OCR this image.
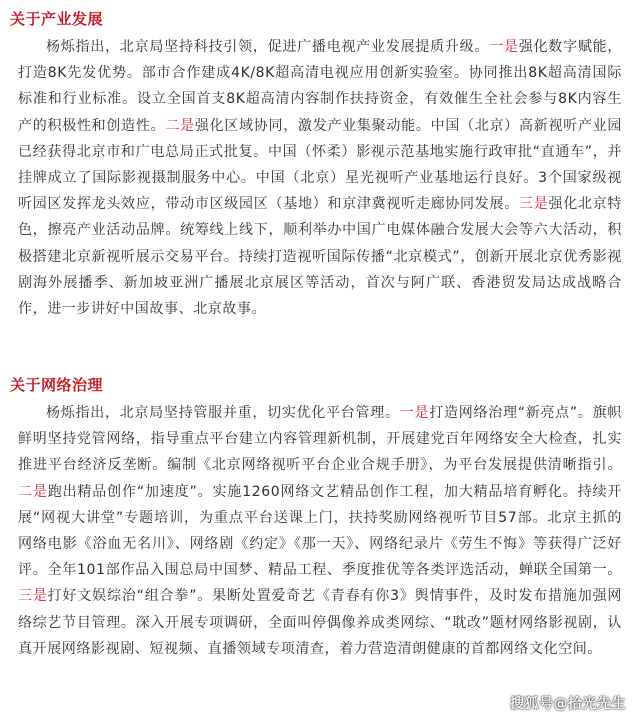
关于产业发展
杨烁指出，北京局坚持科技引领，促进广播电视产业发展提质升级。一是强化数字赋能，打造8K先发优势。部市合作建成4K/8K超高清电视应用创新实验室。协同推出8K超高清国际标准和行业标准。设立全国首支8K超高清内容制作扶持资金，有效催生全社会参与8K内容生产的积极性和创造性。二是强化区域协同，激发产业集聚动能。中国（北京）高新视听产业园已经获得北京市和广电总局正式批复。中国（怀柔）影视示范基地实施行政审批“直通车”，并挂牌成立了国际影视摄制服务中心。中国（北京）星光视听产业基地运行良好。3个国家级视听园区发挥龙头效应，带动市区级园区（基地）和京津冀视听走廊协同发展。三是强化北京特色，擦亮产业活动品牌。统筹线上线下，顺利举办中国广电媒体融合发展大会等六大活动，积极搭建北京新视听展示交易平台。持续打造视听国际传播“北京模式”，创新开展北京优秀影视剧海外展播季、新加坡亚洲广播展北京展区等活动，首次与阿广联、香港贸发局达成战略合作，进一步讲好中国故事、北京故事。
关于网络治理
杨烁指出，北京局坚持管服并重，切实优化平台管理。一是打造网络治理“新亮点”。旗帜鲜明坚持党管网络，指导重点平台建立内容管理新机制，开展建党百年网络安全大检查，扎实推进平台经济反垄断。编制《北京网络视听平台企业合规手册》，为平台发展提供清晰指引。二是跑出精品创作“加速度”。实施1260网络文艺精品创作工程，加大精品培育孵化。持续开展“网视大讲堂”专题培训，为重点平台送课上门，扶持奖励网络视听节目57部。北京主抓的网络电影《浴血无名川》、网络剧《约定》《那一天》、网络纪录片《劳生不悔》等获得广泛好评。全年101部作品入围总局中国梦、精品工程、季度推优等各类评选活动，蝉联全国第一。三是打好文娱综治“组合拳”。果断处置爱奇艺《青春有你3》舆情事件，及时发布措施加强网络综艺节目管理。深入开展专项调研，全面叫停偶像养成类网综、“耽改”题材网络影视剧，认真开展网络影视剧、短视频、直播领域专项清查，着力营造清朗健康的首都网络文化空间。
搜狐号@拾光先生
